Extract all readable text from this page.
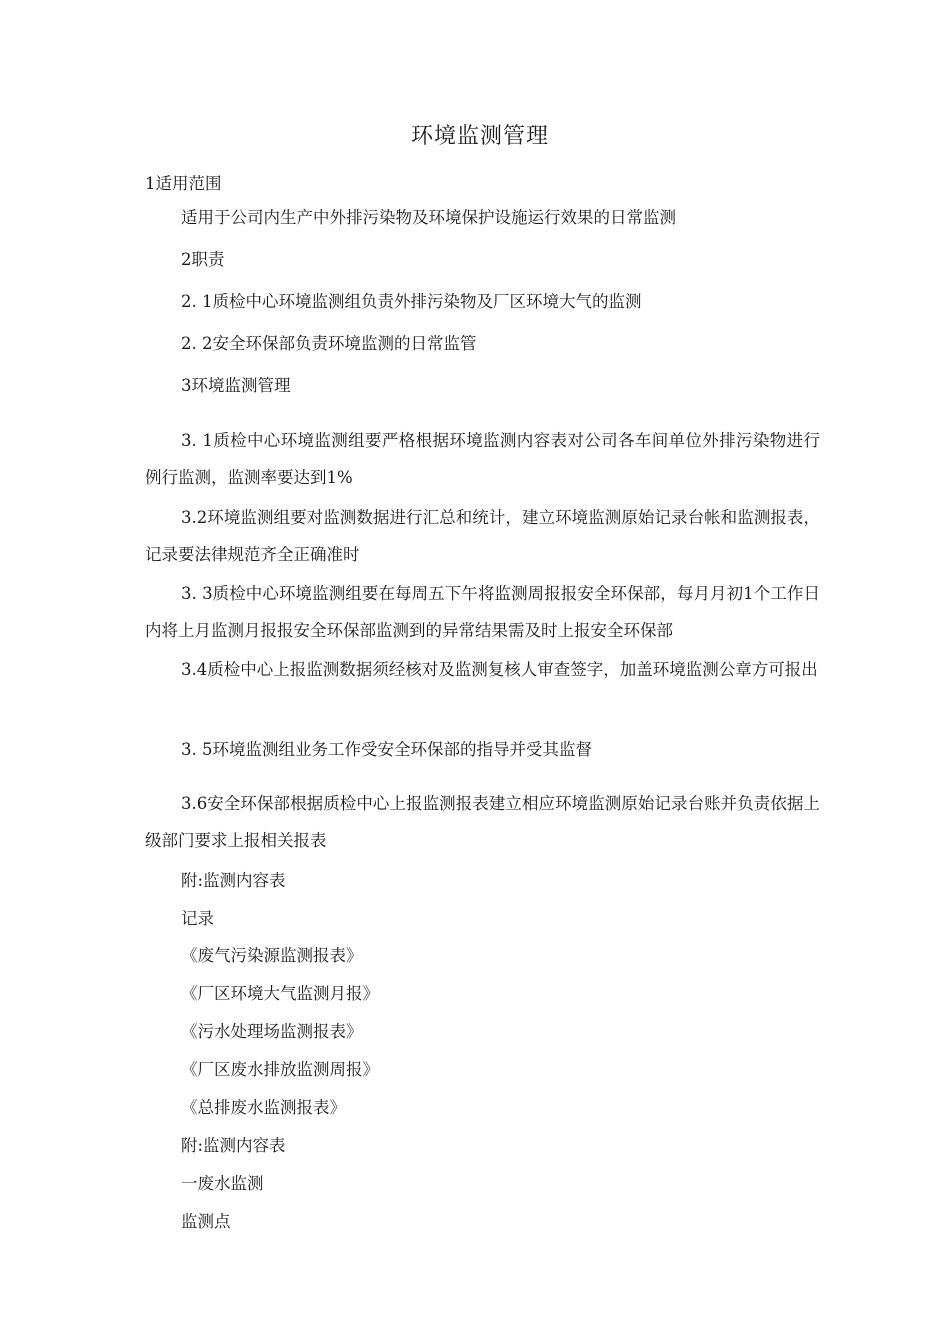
环境监测管理
1适用范围
适用于公司内生产中外排污染物及环境保护设施运行效果的日常监测
2职责
2. 1质检中心环境监测组负责外排污染物及厂区环境大气的监测
2. 2安全环保部负责环境监测的日常监管
3环境监测管理
3. 1质检中心环境监测组要严格根据环境监测内容表对公司各车间单位外排污染物进行例行监测，监测率要达到1%
3.2环境监测组要对监测数据进行汇总和统计，建立环境监测原始记录台帐和监测报表，记录要法律规范齐全正确准时
3. 3质检中心环境监测组要在每周五下午将监测周报报安全环保部，每月月初1个工作日内将上月监测月报报安全环保部监测到的异常结果需及时上报安全环保部
3.4质检中心上报监测数据须经核对及监测复核人审查签字，加盖环境监测公章方可报出
3. 5环境监测组业务工作受安全环保部的指导并受其监督
3.6安全环保部根据质检中心上报监测报表建立相应环境监测原始记录台账并负责依据上级部门要求上报相关报表
附:监测内容表
记录
《废气污染源监测报表》
《厂区环境大气监测月报》
《污水处理场监测报表》
《厂区废水排放监测周报》
《总排废水监测报表》
附:监测内容表
一废水监测
监测点
